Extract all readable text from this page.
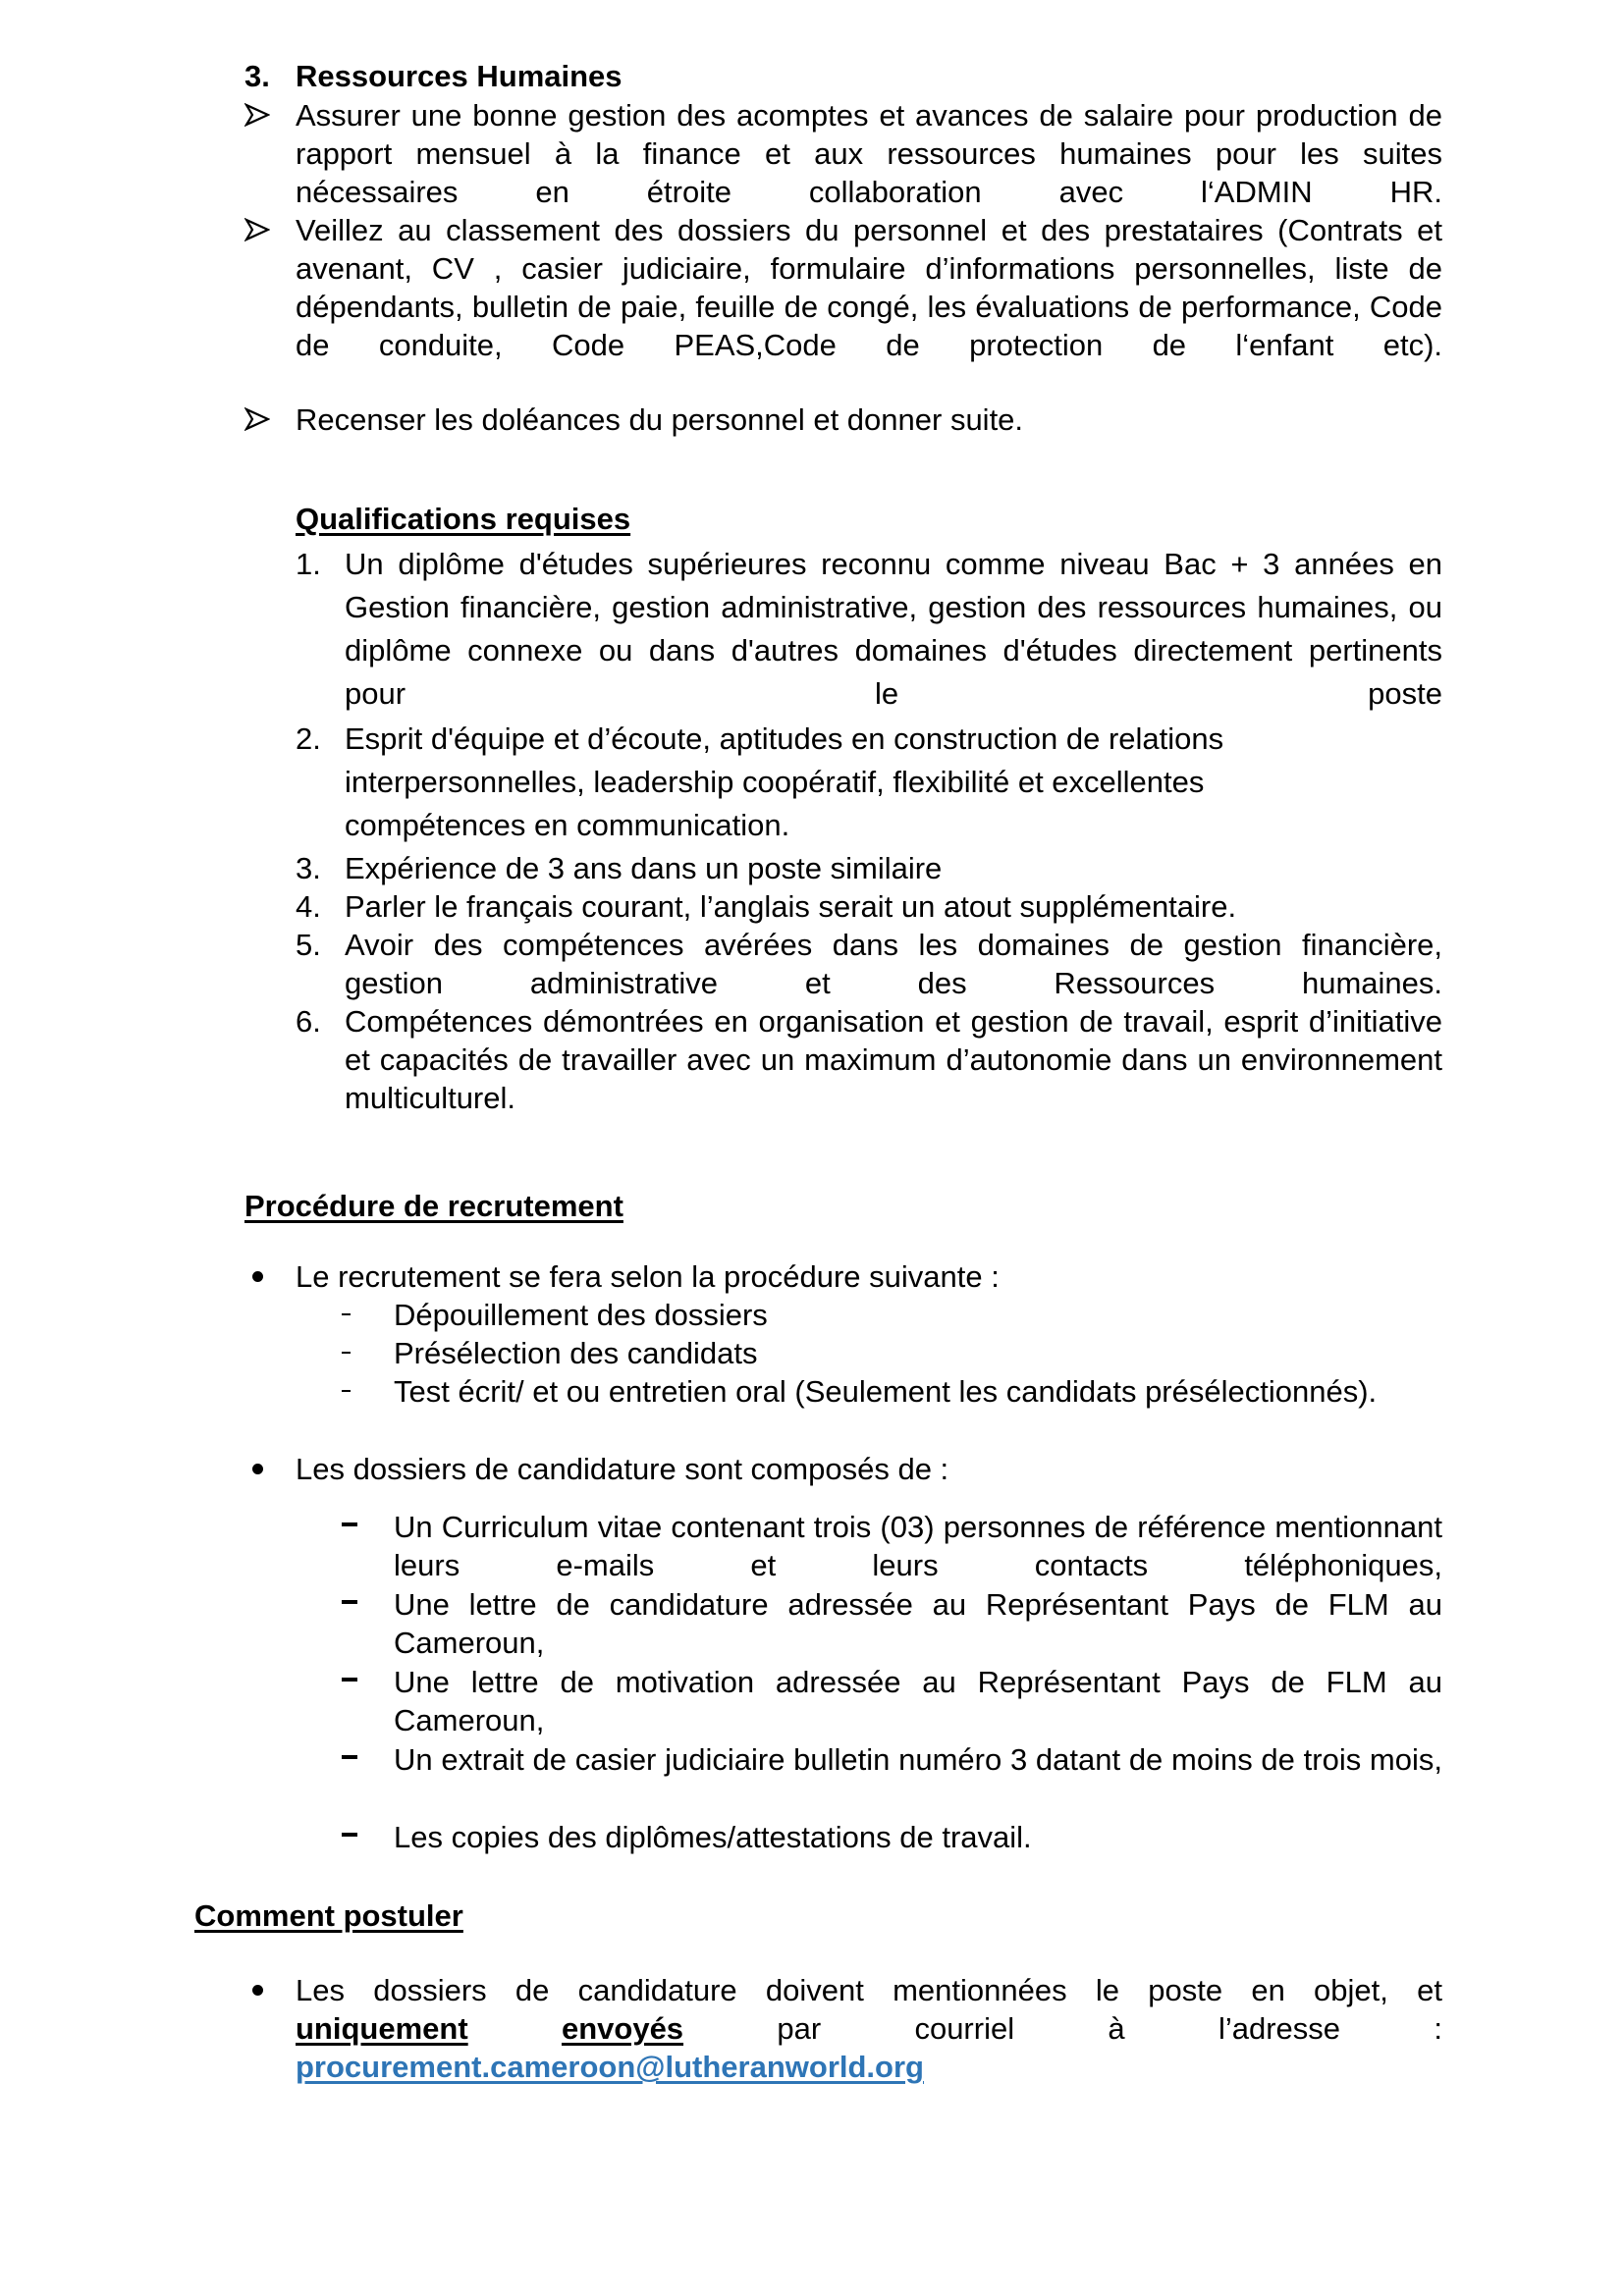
3. Ressources Humaines
Assurer une bonne gestion des acomptes et avances de salaire pour production de rapport mensuel à la finance et aux ressources humaines pour les suites nécessaires en étroite collaboration avec l‘ADMIN HR.
Veillez au classement des dossiers du personnel et des prestataires (Contrats et avenant, CV , casier judiciaire, formulaire d’informations personnelles, liste de dépendants, bulletin de paie, feuille de congé, les évaluations de performance, Code de conduite, Code PEAS,Code de protection de l‘enfant etc).
Recenser les doléances du personnel et donner suite.
Qualifications requises
1. Un diplôme d'études supérieures reconnu comme niveau Bac + 3 années en Gestion financière, gestion administrative, gestion des ressources humaines, ou diplôme connexe ou dans d'autres domaines d'études directement pertinents pour le poste
2. Esprit d'équipe et d’écoute, aptitudes en construction de relations
interpersonnelles, leadership coopératif, flexibilité et excellentes
compétences en communication.
3. Expérience de 3 ans dans un poste similaire
4. Parler le français courant, l’anglais serait un atout supplémentaire.
5. Avoir des compétences avérées dans les domaines de gestion financière, gestion administrative et des Ressources humaines.
6. Compétences démontrées en organisation et gestion de travail, esprit d’initiative et capacités de travailler avec un maximum d’autonomie dans un environnement multiculturel.
Procédure de recrutement
Le recrutement se fera selon la procédure suivante :
Dépouillement des dossiers
Présélection des candidats
Test écrit/ et ou entretien oral (Seulement les candidats présélectionnés).
Les dossiers de candidature sont composés de :
Un Curriculum vitae contenant trois (03) personnes de référence mentionnant leurs e-mails et leurs contacts téléphoniques,
Une lettre de candidature adressée au Représentant Pays de FLM au Cameroun,
Une lettre de motivation adressée au Représentant Pays de FLM au Cameroun,
Un extrait de casier judiciaire bulletin numéro 3 datant de moins de trois mois,
Les copies des diplômes/attestations de travail.
Comment postuler
Les dossiers de candidature doivent mentionnées le poste en objet, et
uniquement	envoyés	par	courriel	à	l’adresse	:
procurement.cameroon@lutheranworld.org
